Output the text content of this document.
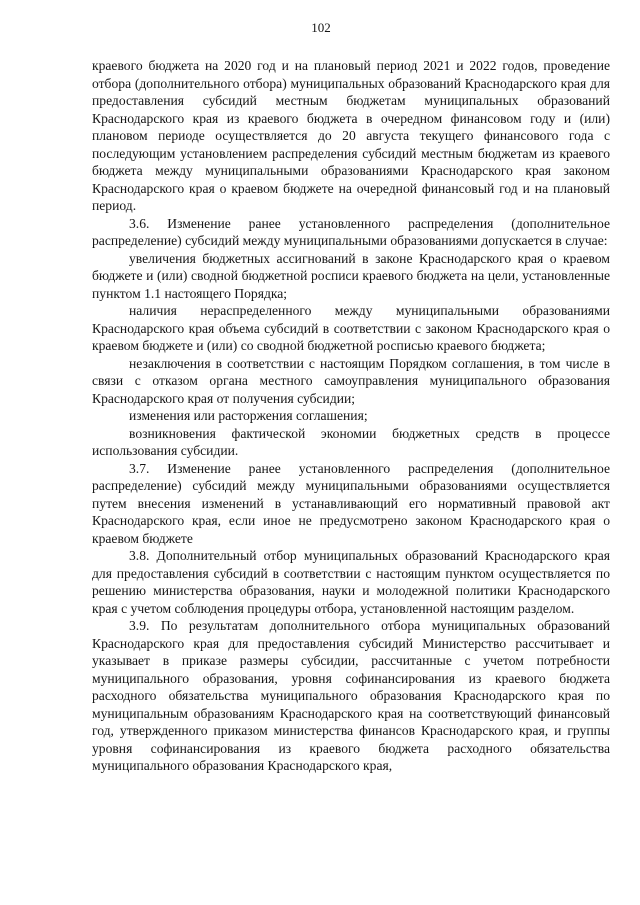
102

краевого бюджета на 2020 год и на плановый период 2021 и 2022 годов, проведение отбора (дополнительного отбора) муниципальных образований Краснодарского края для предоставления субсидий местным бюджетам муниципальных образований Краснодарского края из краевого бюджета в очередном финансовом году и (или) плановом периоде осуществляется до 20 августа текущего финансового года с последующим установлением распределения субсидий местным бюджетам из краевого бюджета между муниципальными образованиями Краснодарского края законом Краснодарского края о краевом бюджете на очередной финансовый год и на плановый период.

3.6. Изменение ранее установленного распределения (дополнительное распределение) субсидий между муниципальными образованиями допускается в случае:

увеличения бюджетных ассигнований в законе Краснодарского края о краевом бюджете и (или) сводной бюджетной росписи краевого бюджета на цели, установленные пунктом 1.1 настоящего Порядка;

наличия нераспределенного между муниципальными образованиями Краснодарского края объема субсидий в соответствии с законом Краснодарского края о краевом бюджете и (или) со сводной бюджетной росписью краевого бюджета;

незаключения в соответствии с настоящим Порядком соглашения, в том числе в связи с отказом органа местного самоуправления муниципального образования Краснодарского края от получения субсидии;

изменения или расторжения соглашения;

возникновения фактической экономии бюджетных средств в процессе использования субсидии.

3.7. Изменение ранее установленного распределения (дополнительное распределение) субсидий между муниципальными образованиями осуществляется путем внесения изменений в устанавливающий его нормативный правовой акт Краснодарского края, если иное не предусмотрено законом Краснодарского края о краевом бюджете

3.8. Дополнительный отбор муниципальных образований Краснодарского края для предоставления субсидий в соответствии с настоящим пунктом осуществляется по решению министерства образования, науки и молодежной политики Краснодарского края с учетом соблюдения процедуры отбора, установленной настоящим разделом.

3.9. По результатам дополнительного отбора муниципальных образований Краснодарского края для предоставления субсидий Министерство рассчитывает и указывает в приказе размеры субсидии, рассчитанные с учетом потребности муниципального образования, уровня софинансирования из краевого бюджета расходного обязательства муниципального образования Краснодарского края по муниципальным образованиям Краснодарского края на соответствующий финансовый год, утвержденного приказом министерства финансов Краснодарского края, и группы уровня софинансирования из краевого бюджета расходного обязательства муниципального образования Краснодарского края,
